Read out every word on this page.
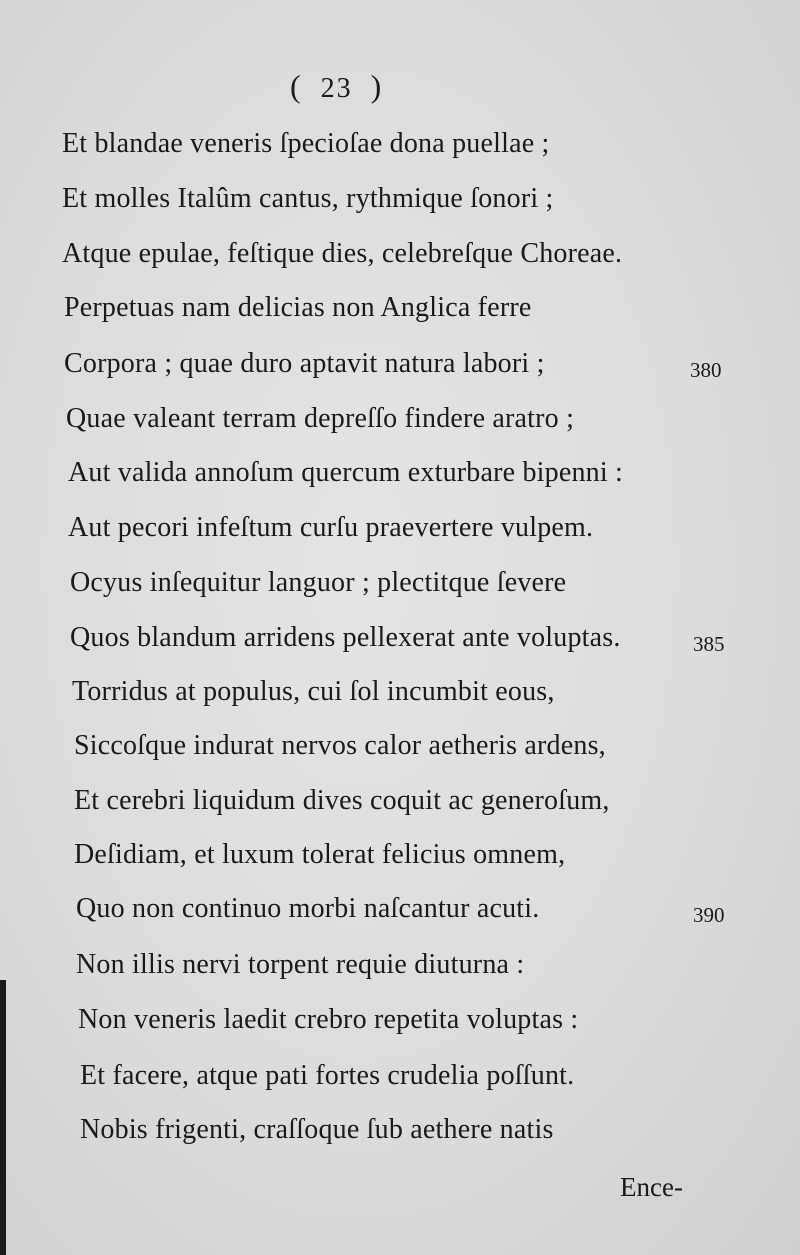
( 23 )
Et blandae veneris ſpecioſae dona puellae ;
Et molles Italûm cantus, rythmique ſonori ;
Atque epulae, feſtique dies, celebreſque Choreae.
Perpetuas nam delicias non Anglica ferre
Corpora ; quae duro aptavit natura labori ;
Quae valeant terram depreſſo findere aratro ;
Aut valida annoſum quercum exturbare bipenni :
Aut pecori infeſtum curſu praevertere vulpem.
Ocyus inſequitur languor ; plectitque ſevere
Quos blandum arridens pellexerat ante voluptas.
Torridus at populus, cui ſol incumbit eous,
Siccoſque indurat nervos calor aetheris ardens,
Et cerebri liquidum dives coquit ac generoſum,
Deſidiam, et luxum tolerat felicius omnem,
Quo non continuo morbi naſcantur acuti.
Non illis nervi torpent requie diuturna :
Non veneris laedit crebro repetita voluptas :
Et facere, atque pati fortes crudelia poſſunt.
Nobis frigenti, craſſoque ſub aethere natis
380
385
390
Ence-
